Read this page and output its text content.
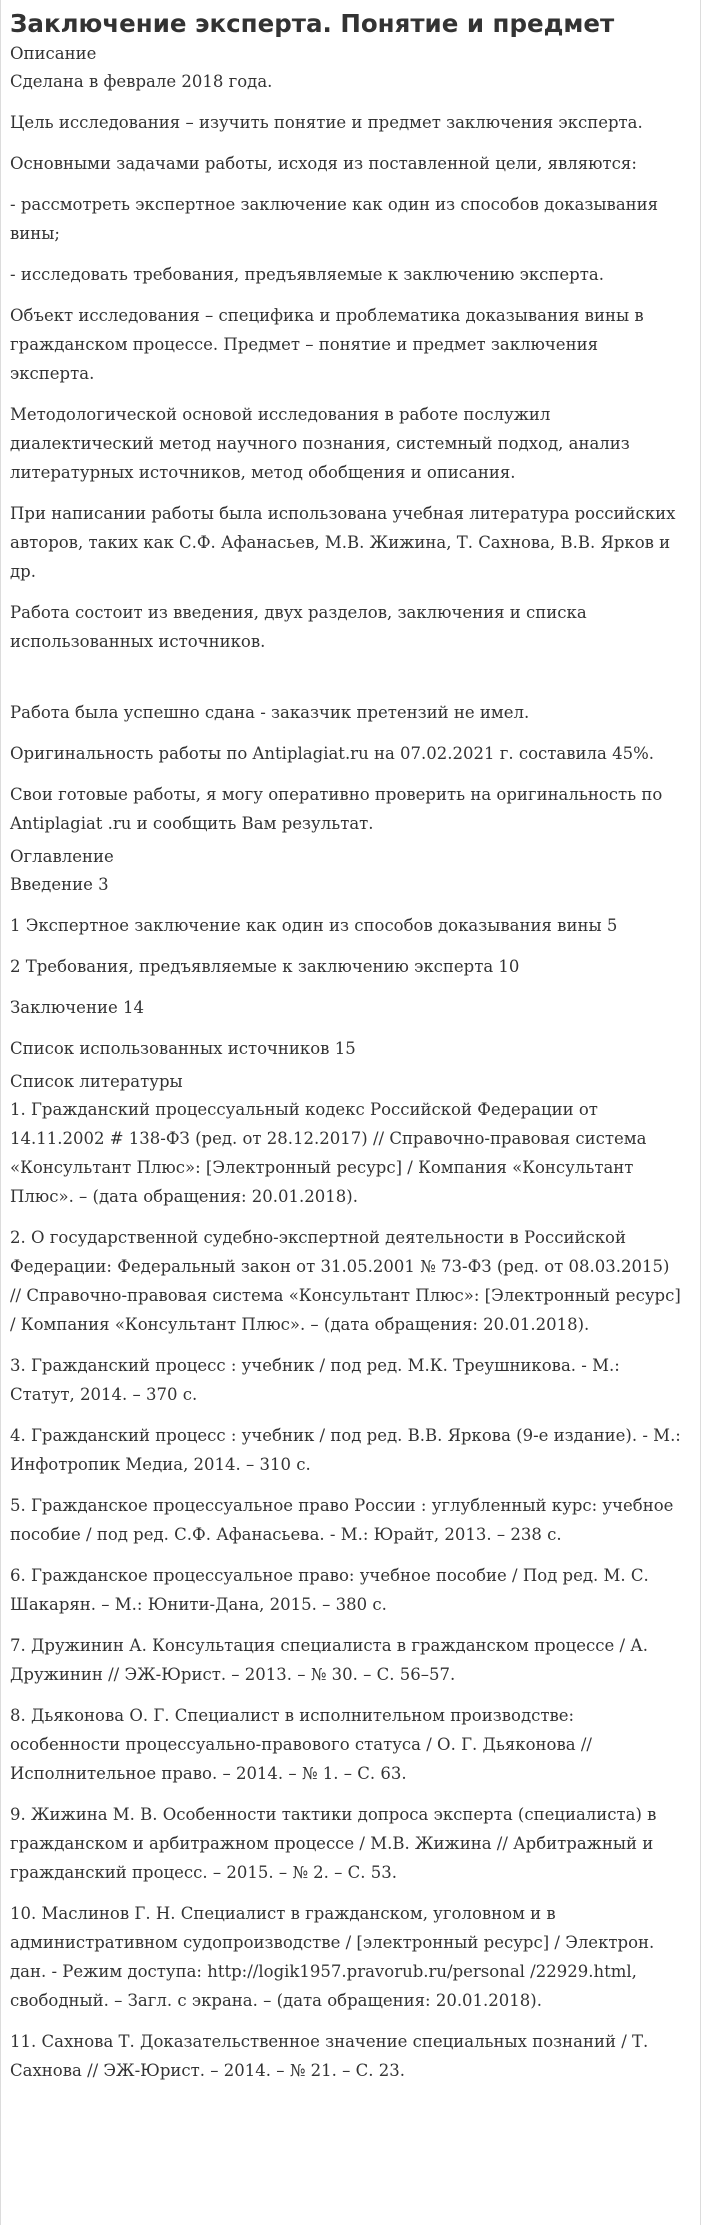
Заключение эксперта. Понятие и предмет
Описание

Сделана в феврале 2018 года.

Цель исследования – изучить понятие и предмет заключения эксперта.

Основными задачами работы, исходя из поставленной цели, являются:

- рассмотреть экспертное заключение как один из способов доказывания вины;

- исследовать требования, предъявляемые к заключению эксперта.

Объект исследования – специфика и проблематика доказывания вины в гражданском процессе. Предмет – понятие и предмет заключения эксперта.

Методологической основой исследования в работе послужил диалектический метод научного познания, системный подход, анализ литературных источников, метод обобщения и описания.

При написании работы была использована учебная литература российских авторов, таких как С.Ф. Афанасьев, М.В. Жижина, Т. Сахнова, В.В. Ярков и др.

Работа состоит из введения, двух разделов, заключения и списка использованных источников.

Работа была успешно сдана - заказчик претензий не имел.

Оригинальность работы по Antiplagiat.ru на 07.02.2021 г. составила 45%.

Свои готовые работы, я могу оперативно проверить на оригинальность по Antiplagiat .ru и сообщить Вам результат.

Оглавление

Введение 3

1 Экспертное заключение как один из способов доказывания вины 5

2 Требования, предъявляемые к заключению эксперта 10

Заключение 14

Список использованных источников 15

Список литературы

1. Гражданский процессуальный кодекс Российской Федерации от 14.11.2002 # 138-ФЗ (ред. от 28.12.2017) // Справочно-правовая система «Консультант Плюс»: [Электронный ресурс] / Компания «Консультант Плюс». – (дата обращения: 20.01.2018).

2. О государственной судебно-экспертной деятельности в Российской Федерации: Федеральный закон от 31.05.2001 № 73-ФЗ (ред. от 08.03.2015) // Справочно-правовая система «Консультант Плюс»: [Электронный ресурс] / Компания «Консультант Плюс». – (дата обращения: 20.01.2018).

3. Гражданский процесс : учебник / под ред. М.К. Треушникова. - М.: Статут, 2014. – 370 с.

4. Гражданский процесс : учебник / под ред. В.В. Яркова (9-е издание). - М.: Инфотропик Медиа, 2014. – 310 с.

5. Гражданское процессуальное право России : углубленный курс: учебное пособие / под ред. С.Ф. Афанасьева. - М.: Юрайт, 2013. – 238 с.

6. Гражданское процессуальное право: учебное пособие / Под ред. М. С. Шакарян. – М.: Юнити-Дана, 2015. – 380 с.

7. Дружинин А. Консультация специалиста в гражданском процессе / А. Дружинин // ЭЖ-Юрист. – 2013. – № 30. – С. 56–57.

8. Дьяконова О. Г. Специалист в исполнительном производстве: особенности процессуально-правового статуса / О. Г. Дьяконова // Исполнительное право. – 2014. – № 1. – С. 63.

9. Жижина М. В. Особенности тактики допроса эксперта (специалиста) в гражданском и арбитражном процессе / М.В. Жижина // Арбитражный и гражданский процесс. – 2015. – № 2. – С. 53.

10. Маслинов Г. Н. Специалист в гражданском, уголовном и в административном судопроизводстве / [электронный ресурс] / Электрон. дан. - Режим доступа: http://logik1957.pravorub.ru/personal /22929.html, свободный. – Загл. с экрана. – (дата обращения: 20.01.2018).

11. Сахнова Т. Доказательственное значение специальных познаний / Т. Сахнова // ЭЖ-Юрист. – 2014. – № 21. – С. 23.
